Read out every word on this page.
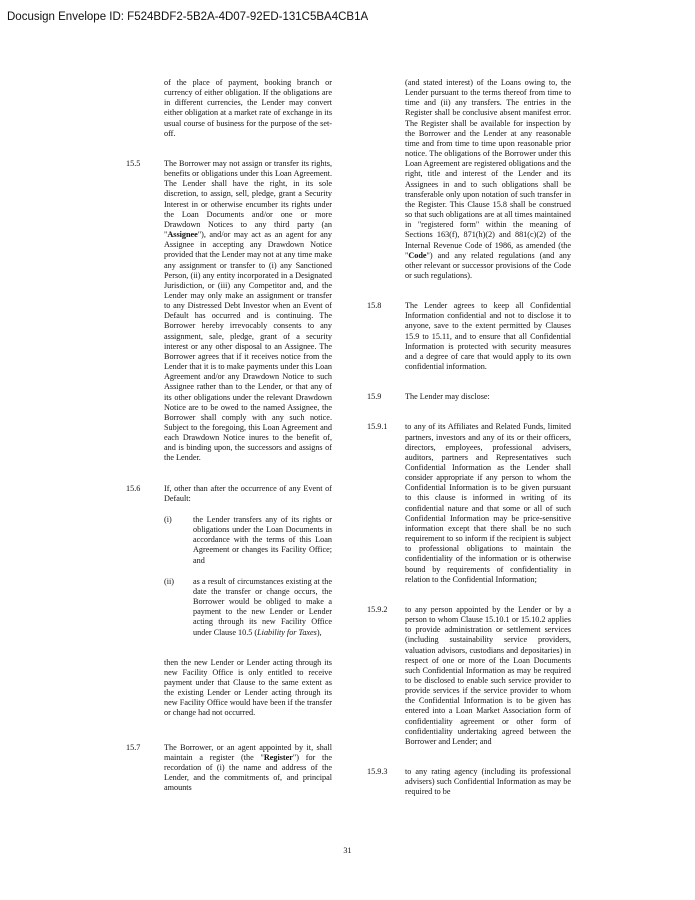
Docusign Envelope ID: F524BDF2-5B2A-4D07-92ED-131C5BA4CB1A

of the place of payment, booking branch or currency of either obligation. If the obligations are in different currencies, the Lender may convert either obligation at a market rate of exchange in its usual course of business for the purpose of the set-off.

15.5	The Borrower may not assign or transfer its rights, benefits or obligations under this Loan Agreement. The Lender shall have the right, in its sole discretion, to assign, sell, pledge, grant a Security Interest in or otherwise encumber its rights under the Loan Documents and/or one or more Drawdown Notices to any third party (an "Assignee"), and/or may act as an agent for any Assignee in accepting any Drawdown Notice provided that the Lender may not at any time make any assignment or transfer to (i) any Sanctioned Person, (ii) any entity incorporated in a Designated Jurisdiction, or (iii) any Competitor and, and the Lender may only make an assignment or transfer to any Distressed Debt Investor when an Event of Default has occurred and is continuing. The Borrower hereby irrevocably consents to any assignment, sale, pledge, grant of a security interest or any other disposal to an Assignee. The Borrower agrees that if it receives notice from the Lender that it is to make payments under this Loan Agreement and/or any Drawdown Notice to such Assignee rather than to the Lender, or that any of its other obligations under the relevant Drawdown Notice are to be owed to the named Assignee, the Borrower shall comply with any such notice. Subject to the foregoing, this Loan Agreement and each Drawdown Notice inures to the benefit of, and is binding upon, the successors and assigns of the Lender.
15.6	If, other than after the occurrence of any Event of Default:

(i)	the Lender transfers any of its rights or obligations under the Loan Documents in accordance with the terms of this Loan Agreement or changes its Facility Office; and
(ii)	as a result of circumstances existing at the date the transfer or change occurs, the Borrower would be obliged to make a payment to the new Lender or Lender acting through its new Facility Office under Clause 10.5 (Liability for Taxes),

then the new Lender or Lender acting through its new Facility Office is only entitled to receive payment under that Clause to the same extent as the existing Lender or Lender acting through its new Facility Office would have been if the transfer or change had not occurred.

15.7	The Borrower, or an agent appointed by it, shall maintain a register (the "Register") for the recordation of (i) the name and address of the Lender, and the commitments of, and principal amounts

(and stated interest) of the Loans owing to, the Lender pursuant to the terms thereof from time to time and (ii) any transfers. The entries in the Register shall be conclusive absent manifest error. The Register shall be available for inspection by the Borrower and the Lender at any reasonable time and from time to time upon reasonable prior notice. The obligations of the Borrower under this Loan Agreement are registered obligations and the right, title and interest of the Lender and its Assignees in and to such obligations shall be transferable only upon notation of such transfer in the Register. This Clause 15.8 shall be construed so that such obligations are at all times maintained in "registered form" within the meaning of Sections 163(f), 871(h)(2) and 881(c)(2) of the Internal Revenue Code of 1986, as amended (the "Code") and any related regulations (and any other relevant or successor provisions of the Code or such regulations).

15.8	The Lender agrees to keep all Confidential Information confidential and not to disclose it to anyone, save to the extent permitted by Clauses 15.9 to 15.11, and to ensure that all Confidential Information is protected with security measures and a degree of care that would apply to its own confidential information.
15.9	The Lender may disclose:
15.9.1	to any of its Affiliates and Related Funds, limited partners, investors and any of its or their officers, directors, employees, professional advisers, auditors, partners and Representatives such Confidential Information as the Lender shall consider appropriate if any person to whom the Confidential Information is to be given pursuant to this clause is informed in writing of its confidential nature and that some or all of such Confidential Information may be price-sensitive information except that there shall be no such requirement to so inform if the recipient is subject to professional obligations to maintain the confidentiality of the information or is otherwise bound by requirements of confidentiality in relation to the Confidential Information;
15.9.2	to any person appointed by the Lender or by a person to whom Clause 15.10.1 or 15.10.2 applies to provide administration or settlement services (including sustainability service providers, valuation advisors, custodians and depositaries) in respect of one or more of the Loan Documents such Confidential Information as may be required to be disclosed to enable such service provider to provide services if the service provider to whom the Confidential Information is to be given has entered into a Loan Market Association form of confidentiality agreement or other form of confidentiality undertaking agreed between the Borrower and Lender; and
15.9.3	to any rating agency (including its professional advisers) such Confidential Information as may be required to be
31
